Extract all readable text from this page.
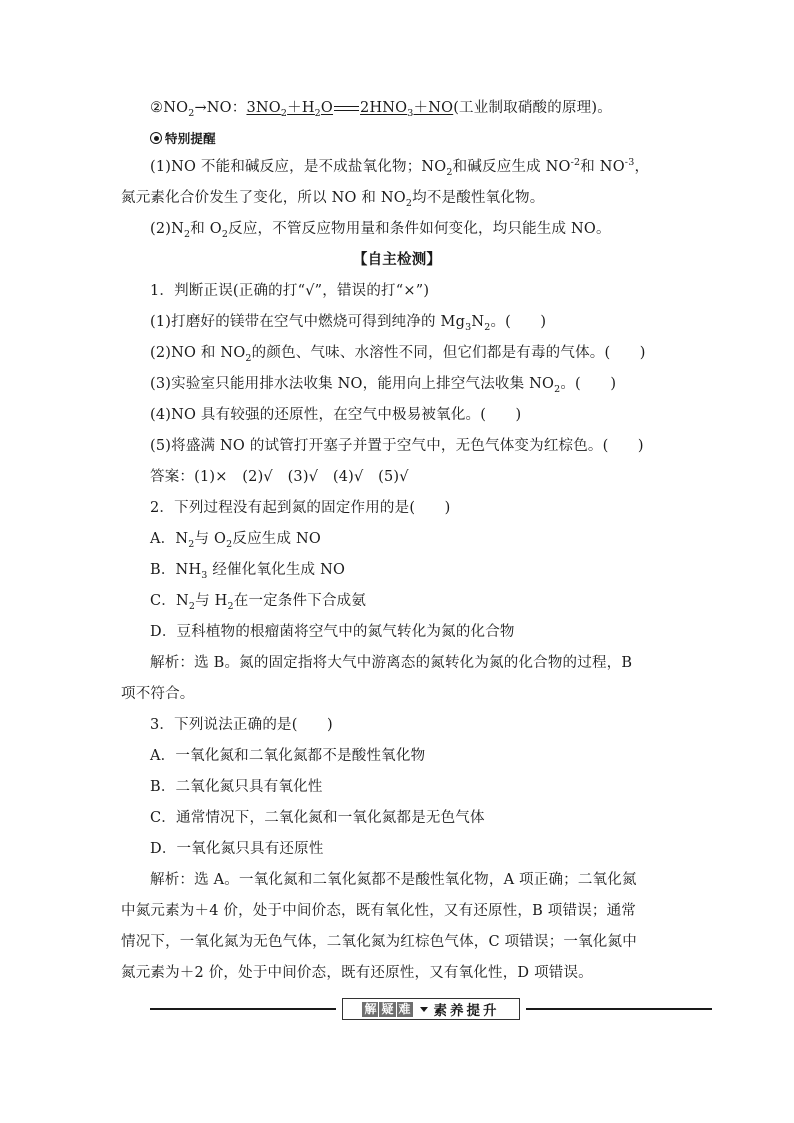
$②NO_2\to NO$：$3NO_2+H_2O$   $2HNO_3+NO$(工业制取硝酸的原理)。
特别提醒
(1)NO 不能和碱反应，是不成盐氧化物；$NO_2$和碱反应生成 $NO^{-2}$和 $NO^{-3}$，
氮元素化合价发生了变化，所以 NO 和 $NO_2$均不是酸性氧化物。
$(2)N_2$和 $O_2$反应，不管反应物用量和条件如何变化，均只能生成 NO。
【自主检测】
1．判断正误(正确的打“√”，错误的打“×”)
(1)打磨好的镁带在空气中燃烧可得到纯净的 $Mg_3N_2$。(　　)
(2)NO 和 $NO_2$的颜色、气味、水溶性不同，但它们都是有毒的气体。(　　)
(3)实验室只能用排水法收集 NO，能用向上排空气法收集 $NO_2$。(　　)
(4)NO 具有较强的还原性，在空气中极易被氧化。(　　)
(5)将盛满 NO 的试管打开塞子并置于空气中，无色气体变为红棕色。(　　)
答案：(1)×　(2)√　(3)√　(4)√　(5)√
2．下列过程没有起到氮的固定作用的是(　　)
A．$N_2$与 $O_2$反应生成 NO
B．$NH_3$ 经催化氧化生成 NO
C．$N_2$与 $H_2$在一定条件下合成氨
D．豆科植物的根瘤菌将空气中的氮气转化为氮的化合物
解析：选 B。氮的固定指将大气中游离态的氮转化为氮的化合物的过程，B
项不符合。
3．下列说法正确的是(　　)
A．一氧化氮和二氧化氮都不是酸性氧化物
B．二氧化氮只具有氧化性
C．通常情况下，二氧化氮和一氧化氮都是无色气体
D．一氧化氮只具有还原性
解析：选 A。一氧化氮和二氧化氮都不是酸性氧化物，A 项正确；二氧化氮
中氮元素为＋4 价，处于中间价态，既有氧化性，又有还原性，B 项错误；通常
情况下，一氧化氮为无色气体，二氧化氮为红棕色气体，C 项错误；一氧化氮中
氮元素为＋2 价，处于中间价态，既有还原性，又有氧化性，D 项错误。
解 疑 难 素养提升
